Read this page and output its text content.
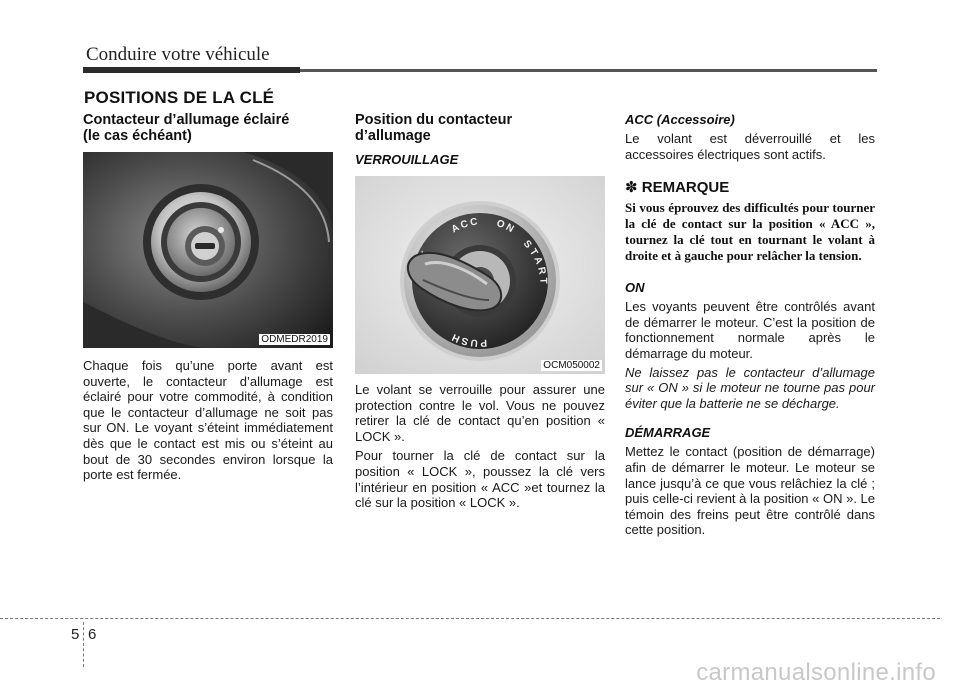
Conduire votre véhicule
POSITIONS DE LA CLÉ
Contacteur d’allumage éclairé
(le cas échéant)
ODMEDR2019

Chaque fois qu’une porte avant est ouverte, le contacteur d’allumage est éclairé pour votre commodité, à condition que le contacteur d’allumage ne soit pas sur ON. Le voyant s’éteint immédiatement dès que le contact est mis ou s’éteint au bout de 30 secondes environ lorsque la porte est fermée.

Position du contacteur
d’allumage
VERROUILLAGE
ACC ON
START
PUSH
OCM050002

Le volant se verrouille pour assurer une protection contre le vol. Vous ne pouvez retirer la clé de contact qu’en position « LOCK ».

Pour tourner la clé de contact sur la position « LOCK », poussez la clé vers l’intérieur en position « ACC »et tournez la clé sur la position « LOCK ».

ACC (Accessoire)

Le volant est déverrouillé et les accessoires électriques sont actifs.

✽ REMARQUE

Si vous éprouvez des difficultés pour tourner la clé de contact sur la position « ACC », tournez la clé tout en tournant le volant à droite et à gauche pour relâcher la tension.

ON

Les voyants peuvent être contrôlés avant de démarrer le moteur. C’est la position de fonctionnement normale après le démarrage du moteur.

Ne laissez pas le contacteur d’allumage sur « ON » si le moteur ne tourne pas pour éviter que la batterie ne se décharge.

DÉMARRAGE

Mettez le contact (position de démarrage) afin de démarrer le moteur. Le moteur se lance jusqu’à ce que vous relâchiez la clé ; puis celle-ci revient à la position « ON ». Le témoin des freins peut être contrôlé dans cette position.

5 6
carmanualsonline.info
